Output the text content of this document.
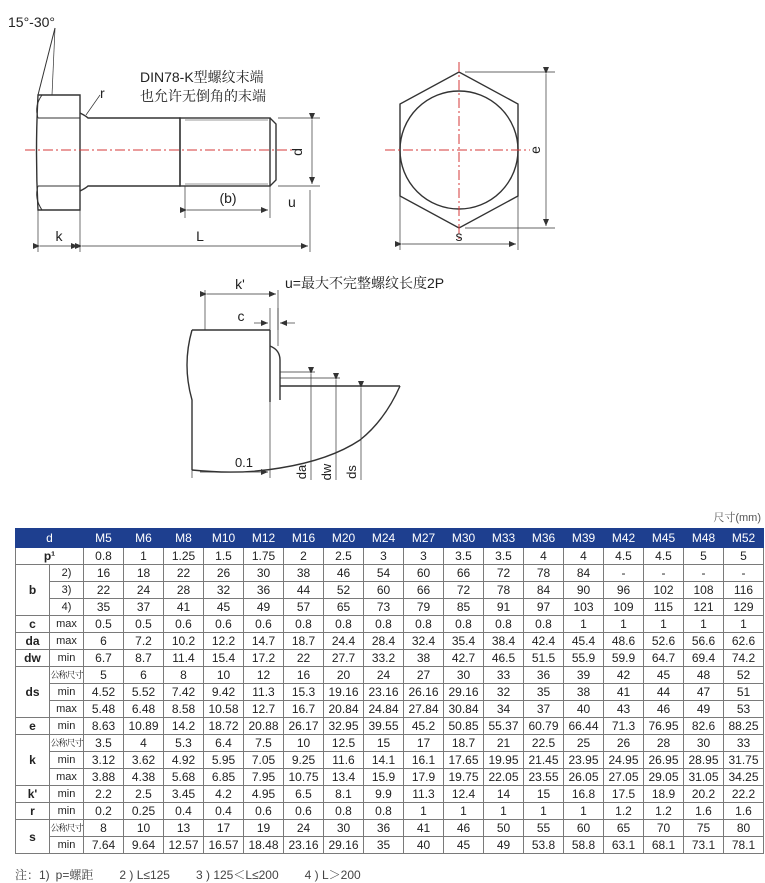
15°-30°
DIN78-K型螺纹末端
也允许无倒角的末端
r
d
(b)	u
k	L
e
s
u=最大不完整螺纹长度2P
k'
c
0.1
da dw ds
尺寸(mm)
d		M5	M6	M8	M10	M12	M16	M20	M24	M27	M30	M33	M36	M39	M42	M45	M48	M52
p¹		0.8	1	1.25	1.5	1.75	2	2.5	3	3	3.5	3.5	4	4	4.5	4.5	5	5
b	2)	16	18	22	26	30	38	46	54	60	66	72	78	84	-	-	-	-
	3)	22	24	28	32	36	44	52	60	66	72	78	84	90	96	102	108	116
	4)	35	37	41	45	49	57	65	73	79	85	91	97	103	109	115	121	129
c	max	0.5	0.5	0.6	0.6	0.6	0.8	0.8	0.8	0.8	0.8	0.8	0.8	1	1	1	1	1
da	max	6	7.2	10.2	12.2	14.7	18.7	24.4	28.4	32.4	35.4	38.4	42.4	45.4	48.6	52.6	56.6	62.6
dw	min	6.7	8.7	11.4	15.4	17.2	22	27.7	33.2	38	42.7	46.5	51.5	55.9	59.9	64.7	69.4	74.2
ds	公称尺寸	5	6	8	10	12	16	20	24	27	30	33	36	39	42	45	48	52
	min	4.52	5.52	7.42	9.42	11.3	15.3	19.16	23.16	26.16	29.16	32	35	38	41	44	47	51
	max	5.48	6.48	8.58	10.58	12.7	16.7	20.84	24.84	27.84	30.84	34	37	40	43	46	49	53
e	min	8.63	10.89	14.2	18.72	20.88	26.17	32.95	39.55	45.2	50.85	55.37	60.79	66.44	71.3	76.95	82.6	88.25
k	公称尺寸	3.5	4	5.3	6.4	7.5	10	12.5	15	17	18.7	21	22.5	25	26	28	30	33
	min	3.12	3.62	4.92	5.95	7.05	9.25	11.6	14.1	16.1	17.65	19.95	21.45	23.95	24.95	26.95	28.95	31.75
	max	3.88	4.38	5.68	6.85	7.95	10.75	13.4	15.9	17.9	19.75	22.05	23.55	26.05	27.05	29.05	31.05	34.25
k'	min	2.2	2.5	3.45	4.2	4.95	6.5	8.1	9.9	11.3	12.4	14	15	16.8	17.5	18.9	20.2	22.2
r	min	0.2	0.25	0.4	0.4	0.6	0.6	0.8	0.8	1	1	1	1	1	1.2	1.2	1.6	1.6
s	公称尺寸	8	10	13	17	19	24	30	36	41	46	50	55	60	65	70	75	80
	min	7.64	9.64	12.57	16.57	18.48	23.16	29.16	35	40	45	49	53.8	58.8	63.1	68.1	73.1	78.1
注：1) p=螺距 2 ) L≤125 3 ) 125＜L≤200 4 ) L＞200
